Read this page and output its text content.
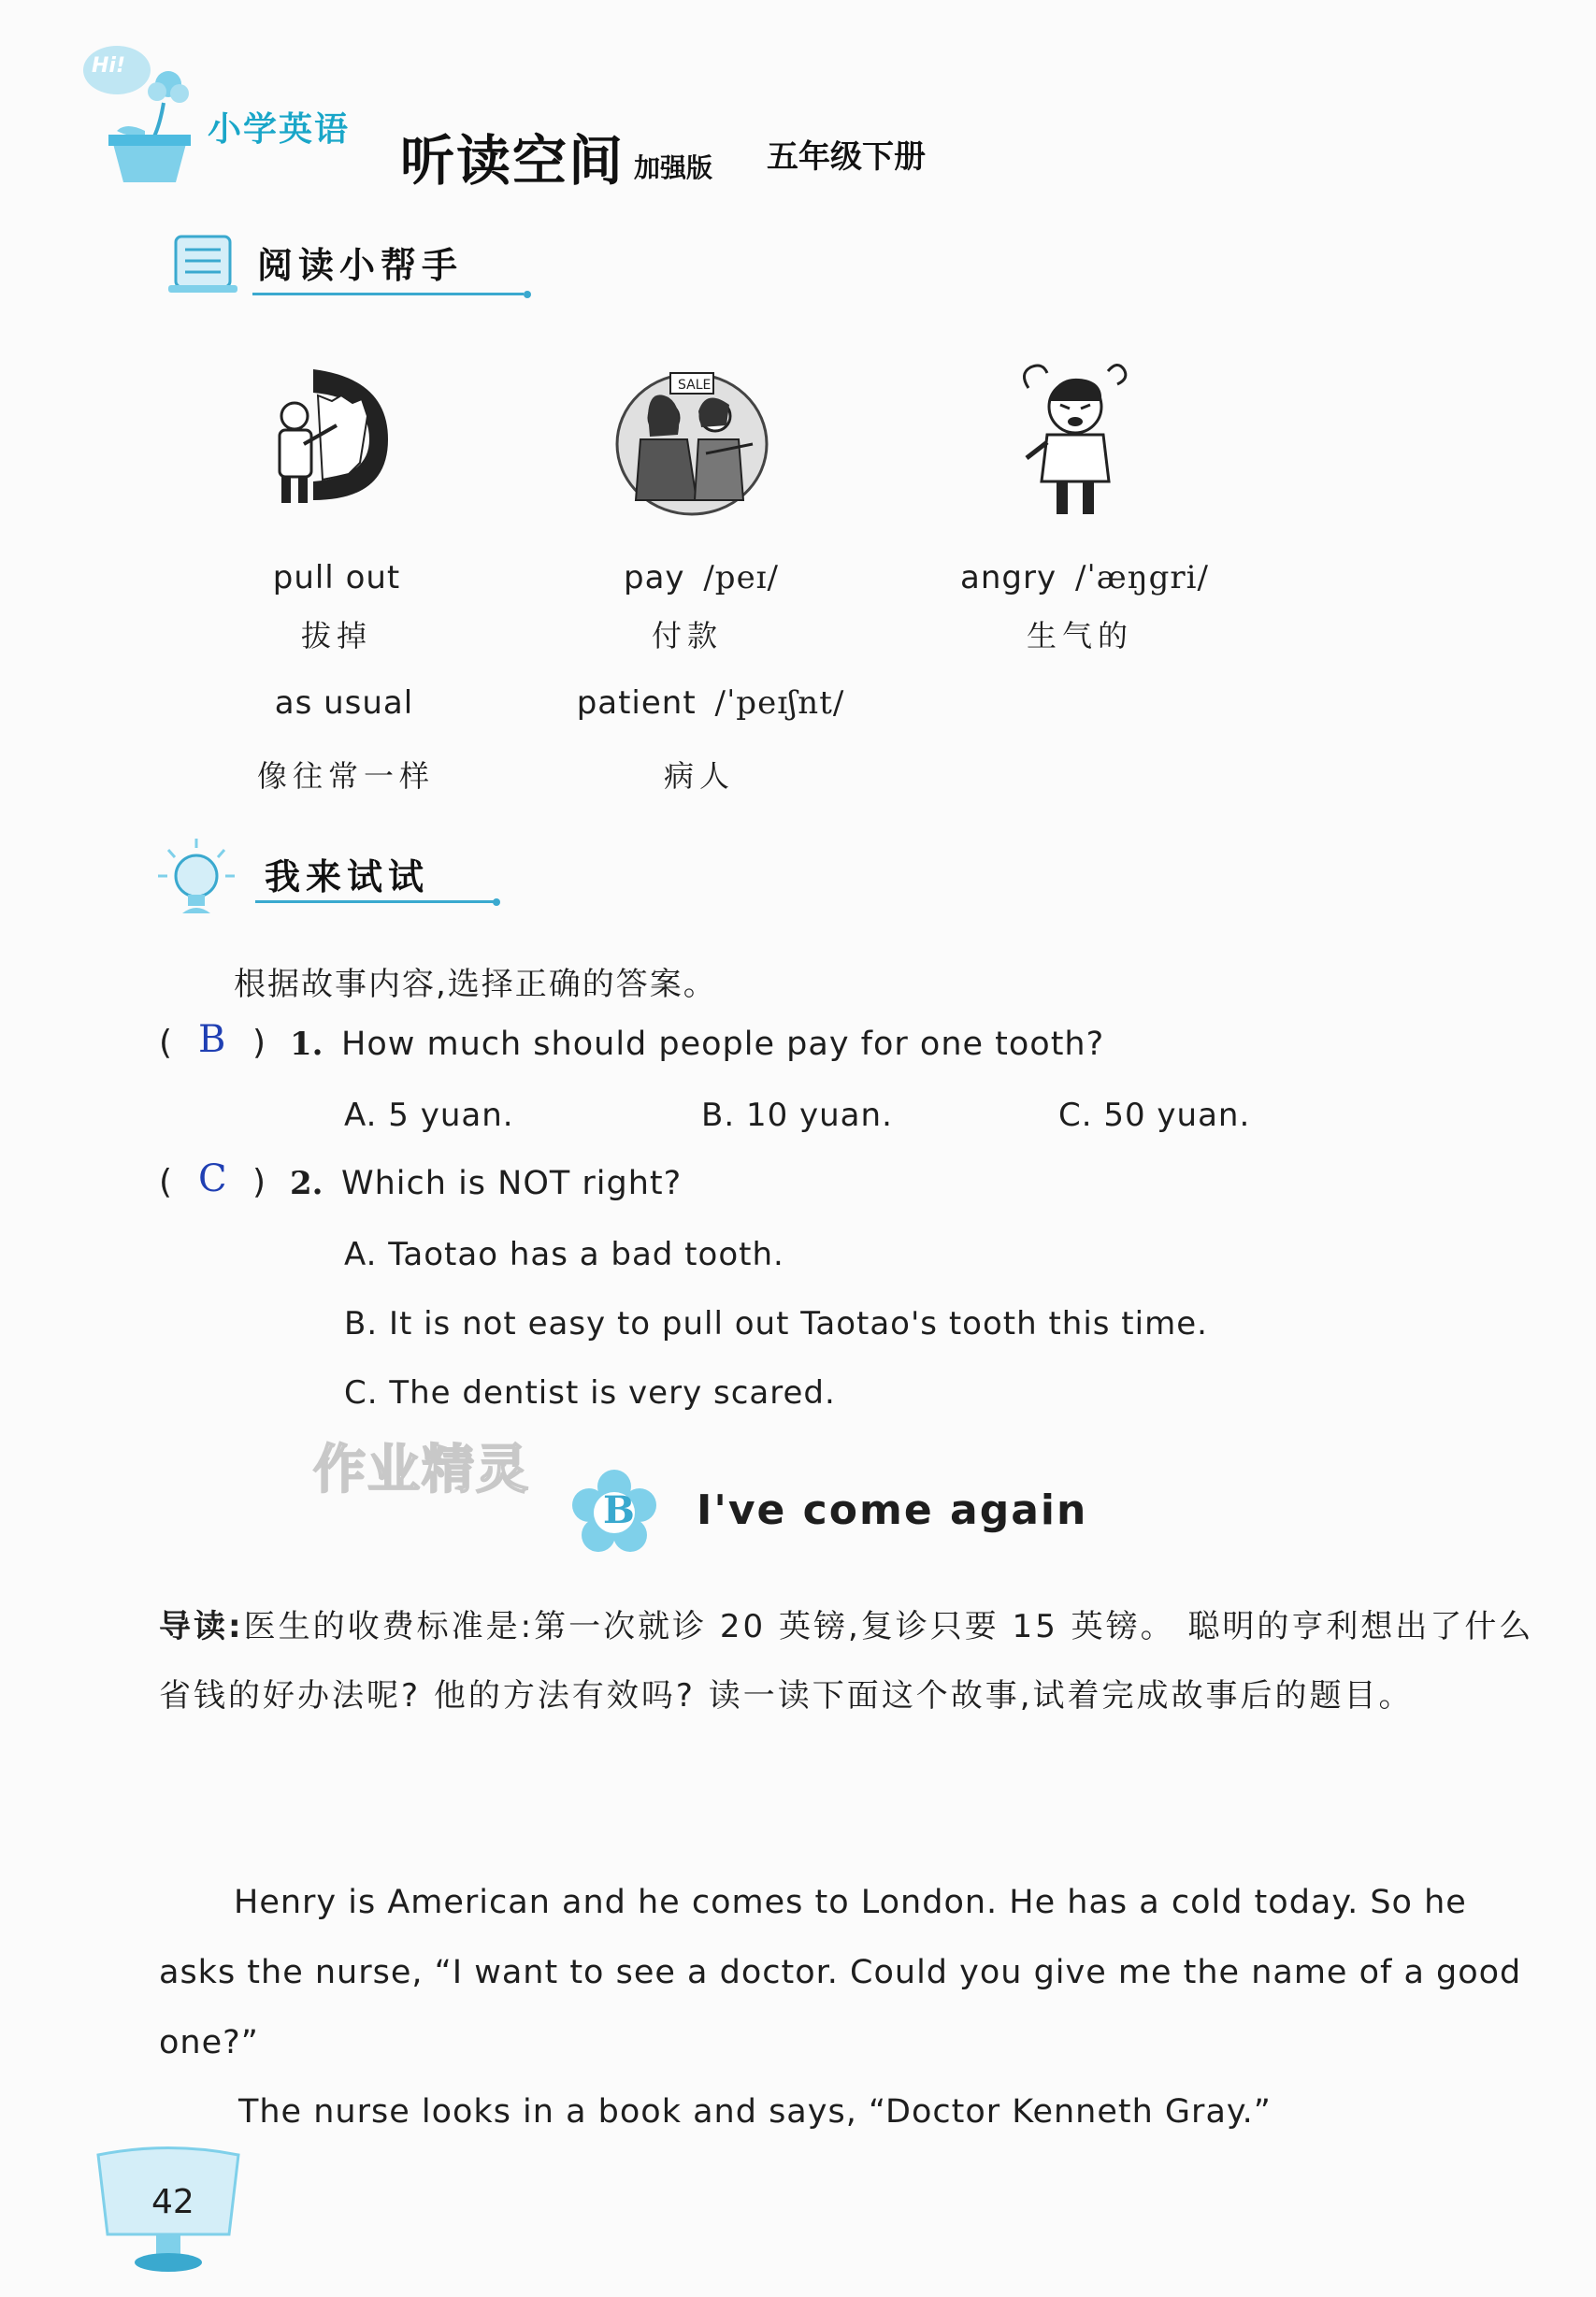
Hi!
小学英语 听读空间 加强版 五年级下册
阅读小帮手
SALE
pull out
拔掉
pay /peɪ/
付款
angry /ˈæŋgri/
生气的
as usual
像往常一样
patient /ˈpeɪʃnt/
病人
我来试试
根据故事内容,选择正确的答案。
( B ) 1. How much should people pay for one tooth?
A. 5 yuan.	B. 10 yuan.	C. 50 yuan.
( C ) 2. Which is NOT right?
A. Taotao has a bad tooth.
B. It is not easy to pull out Taotao's tooth this time.
C. The dentist is very scared.
作业精灵
B I've come again
导读:医生的收费标准是:第一次就诊 20 英镑,复诊只要 15 英镑。 聪明的亨利想出了什么省钱的好办法呢? 他的方法有效吗? 读一读下面这个故事,试着完成故事后的题目。
Henry is American and he comes to London. He has a cold today. So he asks the nurse, “I want to see a doctor. Could you give me the name of a good one?”
The nurse looks in a book and says, “Doctor Kenneth Gray.”
42
